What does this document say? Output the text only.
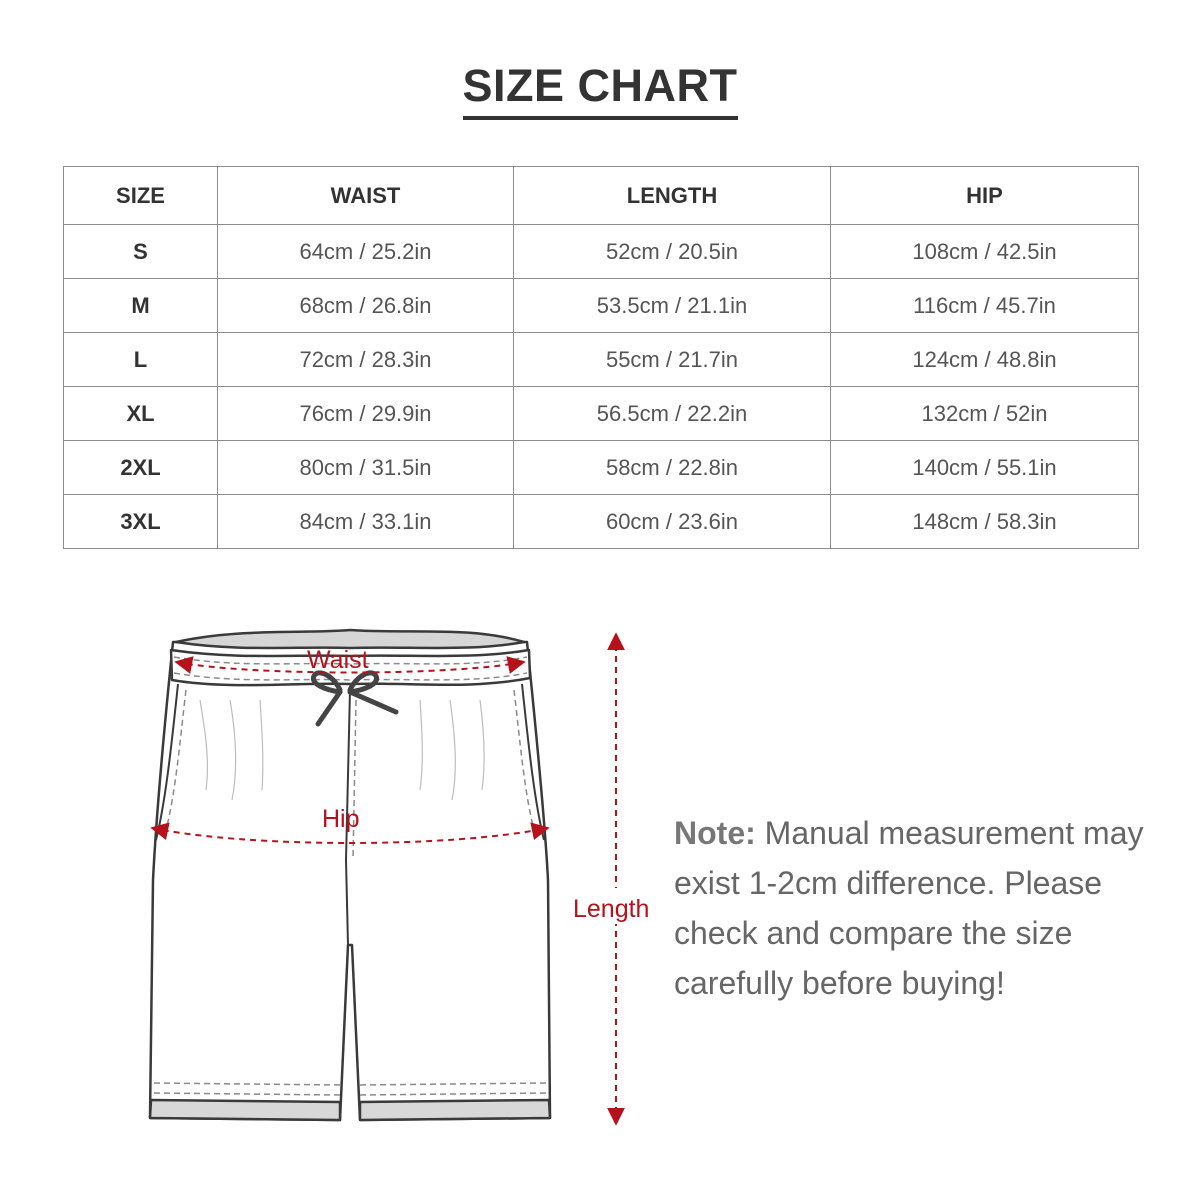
SIZE CHART
SIZE	WAIST	LENGTH	HIP
S	64cm / 25.2in	52cm / 20.5in	108cm / 42.5in
M	68cm / 26.8in	53.5cm / 21.1in	116cm / 45.7in
L	72cm / 28.3in	55cm / 21.7in	124cm / 48.8in
XL	76cm / 29.9in	56.5cm / 22.2in	132cm / 52in
2XL	80cm / 31.5in	58cm / 22.8in	140cm / 55.1in
3XL	84cm / 33.1in	60cm / 23.6in	148cm / 58.3in
Waist
Hip
Length

Note: Manual measurement may exist 1-2cm difference. Please check and compare the size carefully before buying!
